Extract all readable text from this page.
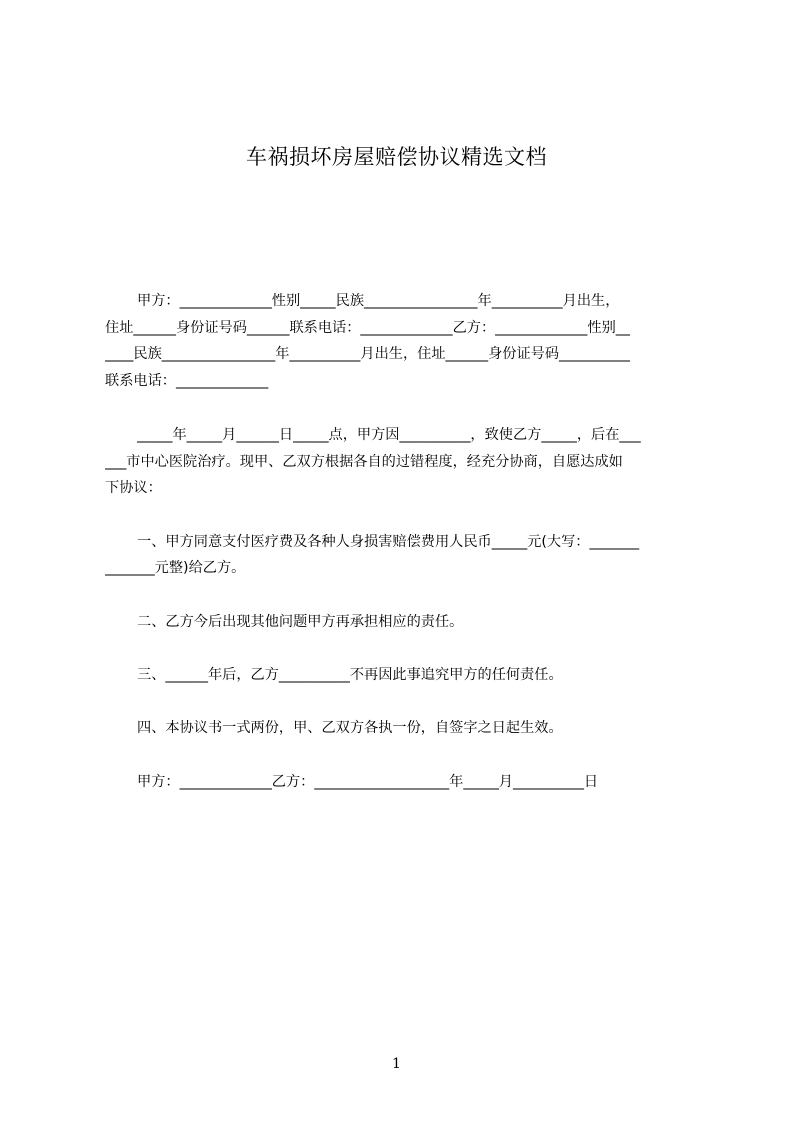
车祸损坏房屋赔偿协议精选文档
甲方：_____________性别_____民族________________年__________月出生，
住址______身份证号码______联系电话：_____________乙方：_____________性别__
____民族________________年__________月出生，住址______身份证号码__________
联系电话：_____________
_____年_____月______日_____点，甲方因__________，致使乙方_____，后在___
___市中心医院治疗。现甲、乙双方根据各自的过错程度，经充分协商，自愿达成如
下协议：
一、甲方同意支付医疗费及各种人身损害赔偿费用人民币_____元(大写：_______
_______元整)给乙方。
二、乙方今后出现其他问题甲方再承担相应的责任。
三、______年后，乙方__________不再因此事追究甲方的任何责任。
四、本协议书一式两份，甲、乙双方各执一份，自签字之日起生效。
甲方：_____________乙方：___________________年_____月__________日
1
